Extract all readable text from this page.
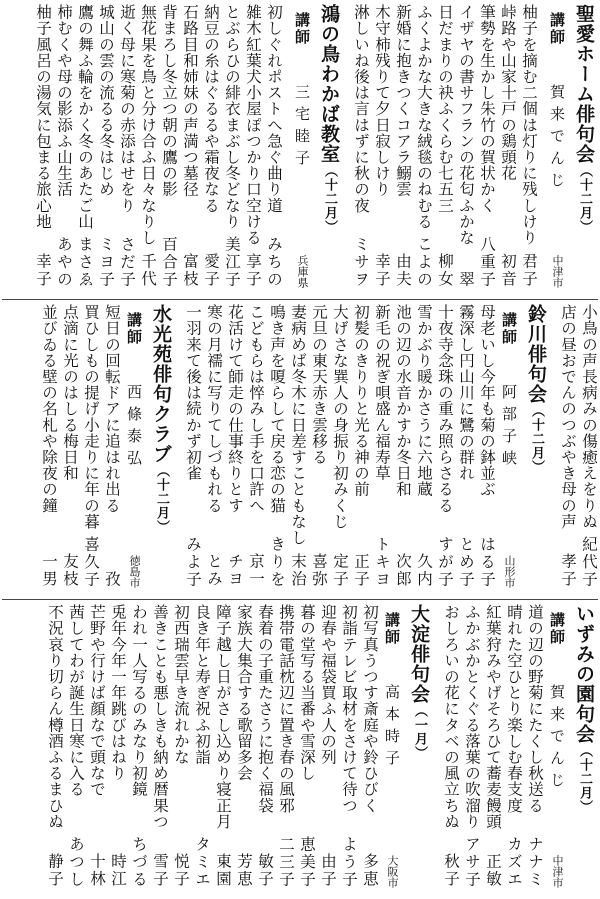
聖愛ホーム俳句会（十二月）
講師
賀来でんじ
中津市
柚子を摘む二個は灯りに残しけり
君子
峠路や山家十戸の鶏頭花
初音
筆勢を生かし朱竹の賀状かく
八重子
イザヤの書サフランの花匂ふかな
翠
日だまりの袂ふくらむ七五三
柳女
ふくよかな大きな絨毯のねむる
こよの
新婚に抱きつくコアラ鰯雲
由夫
木守柿残りて夕日寂しけり
幸子
淋しいね後は言はずに秋の夜
ミサヲ
鴻の鳥わかば教室（十二月）
講師
三宅睦子
兵庫県
初しぐれポストへ急ぐ曲り道
みちの
雑木紅葉犬小屋ぽつかり口空ける
享子
とぶらひの緋衣まぶし冬どなり
美江子
納豆の糸はぐるるや霜夜なる
愛子
石路目和姉妹の声満つ墓径
富枝
背まろし冬立つ朝の鷹の影
百合子
無花果を鳥と分け合ふ日々なりし
千代
逝く母に寒菊の赤添はせをり
さだ子
城山の雲の流るる冬はじめ
ミヨ子
鷹の舞ふ輪をかく冬のあたご山
まさゑ
柿むくや母の影添ふ山生活
あやの
柚子風呂の湯気に包まる旅心地
幸子
小鳥の声長病みの傷癒えをりぬ
紀代子
店の昼おでんのつぶやき母の声
孝子
鈴川俳句会（十二月）
講師
阿部子峡
山形市
母老いし今年も菊の鉢並ぶ
はる子
霧深し円山川に鷺の群れ
とめ子
十夜寺念珠の重み照らさるる
すが子
雪かぶり暖かさうに六地蔵
久内
池の辺の水音かすか冬日和
次郎
新毛の祝ぎ唄盛ん福寿草
トキヨ
初髪のきりりと光る神の前
正子
大げさな巽人の身振り初みくじ
定子
元旦の東天赤き雲移る
喜弥
妻病めば冬木に日差すこともなし
末治
鳴き声を嗄らして戻る恋の猫
きりを
こどもらは悴みし手を口許へ
京一
花活けて師走の仕事終りとす
チヨ
寒の月襦に写りてしづもれる
とみ
一羽来て後は続かず初雀
みよ子
水光苑俳句クラブ（十二月）
講師
西條泰弘
徳島市
短日の回転ドアに追はれ出る
孜
買ひしもの提げ小走りに年の暮
喜久子
点滴に光のはしる梅日和
友枝
並びゐる壁の名札や除夜の鐘
一男
いずみの園句会（十二月）
講師
賀来でんじ
中津市
道の辺の野菊にたくし秋送る
ナナミ
晴れた空ひとり楽しむ春支度
カズエ
紅葉狩みやげそろひて蕎麦饅頭
正敏
ふかぶかとくぐる落葉の吹溜り
アサ子
おしろいの花にタベの風立ちぬ
秋子
大淀俳句会（一月）
講師
高本時子
大阪市
初写真うつす斎庭や鈴ひびく
多恵
初詣テレビ取材をさけて待つ
よう子
迎春や福袋買ふ人の列
由子
暮の堂写る当番や雪深し
恵美子
携帯電話枕辺に置き春の風邪
二三子
春着の子重たさうに抱く福袋
敏子
家族大集合する歌留多会
芳恵
障子越し日がさし込めり寝正月
東園
良き年と寿ぎ祝ふ初詣
タミエ
初西瑞雲早き流れかな
悦子
善きことも悪しきも納め暦果つ
雪子
われ一人写るのみなり初鏡
ちづる
兎年今年一年跳びはねり
時江
芒野や行けば顔なで頭なで
十林
茜してわが誕生日寒に入る
あつし
不況哀り切らん樽酒ふるまひぬ
静子
